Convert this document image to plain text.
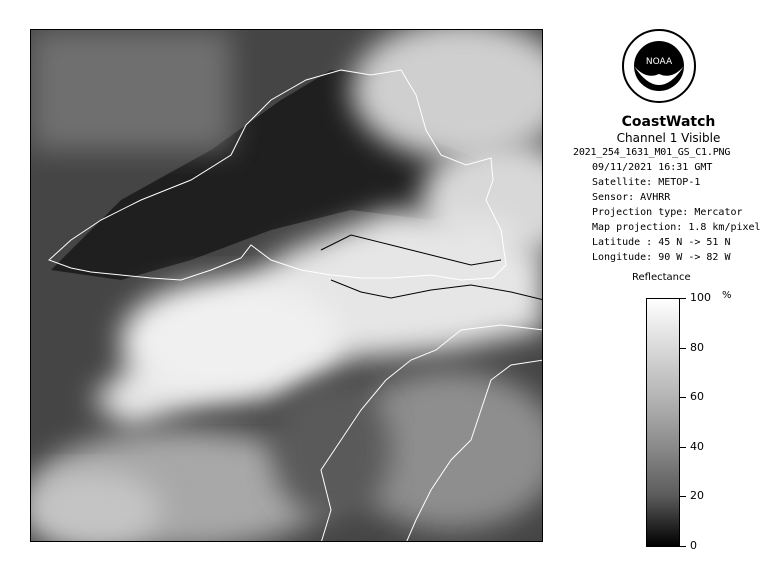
NOAA
CoastWatch
Channel 1 Visible
2021_254_1631_M01_GS_C1.PNG
09/11/2021 16:31 GMT
Satellite: METOP-1
Sensor: AVHRR
Projection type: Mercator
Map projection: 1.8 km/pixel
Latitude : 45 N -> 51 N
Longitude: 90 W -> 82 W
Reflectance
%
100
80
60
40
20
0
